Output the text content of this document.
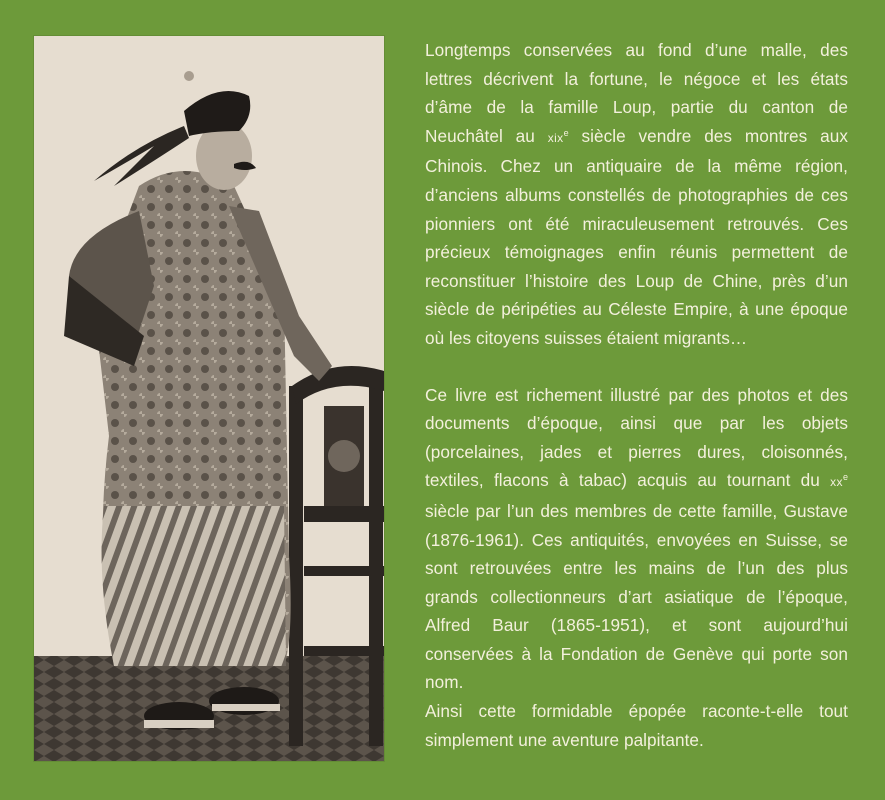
Longtemps conservées au fond d’une malle, des lettres décrivent la fortune, le négoce et les états d’âme de la famille Loup, partie du canton de Neuchâtel au xix$^e$ siècle vendre des montres aux Chinois. Chez un antiquaire de la même région, d’anciens albums constellés de photographies de ces pionniers ont été miraculeusement retrouvés. Ces précieux témoignages enfin réunis permettent de reconstituer l’histoire des Loup de Chine, près d’un siècle de péripéties au Céleste Empire, à une époque où les citoyens suisses étaient migrants…

Ce livre est richement illustré par des photos et des documents d’époque, ainsi que par les objets (porcelaines, jades et pierres dures, cloisonnés, textiles, flacons à tabac) acquis au tournant du $xx^e$ siècle par l’un des membres de cette famille, Gustave (1876-1961). Ces antiquités, envoyées en Suisse, se sont retrouvées entre les mains de l’un des plus grands collectionneurs d’art asiatique de l’époque, Alfred Baur (1865-1951), et sont aujourd’hui conservées à la Fondation de Genève qui porte son nom.

Ainsi cette formidable épopée raconte-t-elle tout simplement une aventure palpitante.
